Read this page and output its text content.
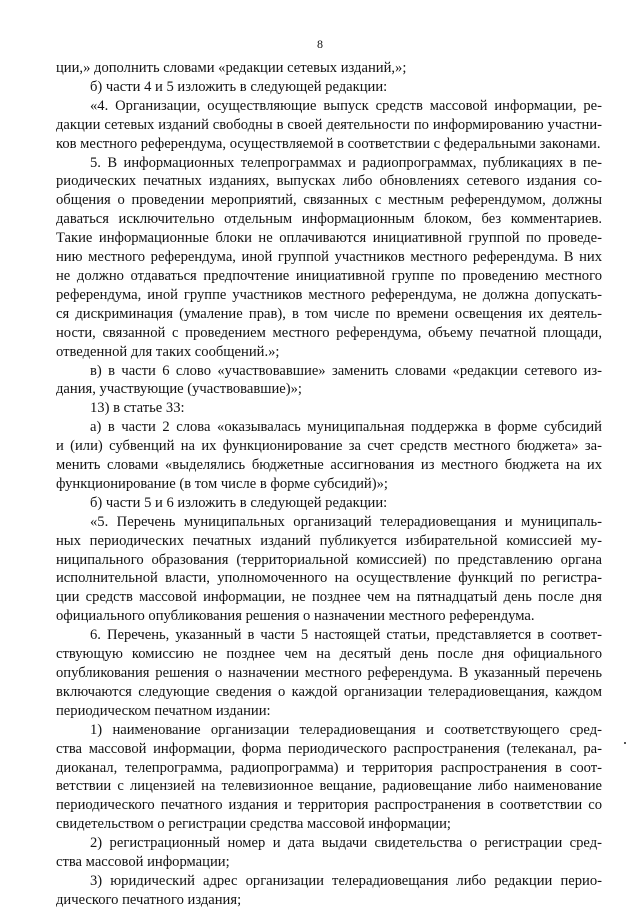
8
ции,» дополнить словами «редакции сетевых изданий,»;
б) части 4 и 5 изложить в следующей редакции:
«4. Организации, осуществляющие выпуск средств массовой информации, ре-
дакции сетевых изданий свободны в своей деятельности по информированию участни-
ков местного референдума, осуществляемой в соответствии с федеральными законами.
5. В информационных телепрограммах и радиопрограммах, публикациях в пе-
риодических печатных изданиях, выпусках либо обновлениях сетевого издания со-
общения о проведении мероприятий, связанных с местным референдумом, должны
даваться исключительно отдельным информационным блоком, без комментариев.
Такие информационные блоки не оплачиваются инициативной группой по проведе-
нию местного референдума, иной группой участников местного референдума. В них
не должно отдаваться предпочтение инициативной группе по проведению местного
референдума, иной группе участников местного референдума, не должна допускать-
ся дискриминация (умаление прав), в том числе по времени освещения их деятель-
ности, связанной с проведением местного референдума, объему печатной площади,
отведенной для таких сообщений.»;
в) в части 6 слово «участвовавшие» заменить словами «редакции сетевого из-
дания, участвующие (участвовавшие)»;
13) в статье 33:
а) в части 2 слова «оказывалась муниципальная поддержка в форме субсидий
и (или) субвенций на их функционирование за счет средств местного бюджета» за-
менить словами «выделялись бюджетные ассигнования из местного бюджета на их
функционирование (в том числе в форме субсидий)»;
б) части 5 и 6 изложить в следующей редакции:
«5. Перечень муниципальных организаций телерадиовещания и муниципаль-
ных периодических печатных изданий публикуется избирательной комиссией му-
ниципального образования (территориальной комиссией) по представлению органа
исполнительной власти, уполномоченного на осуществление функций по регистра-
ции средств массовой информации, не позднее чем на пятнадцатый день после дня
официального опубликования решения о назначении местного референдума.
6. Перечень, указанный в части 5 настоящей статьи, представляется в соответ-
ствующую комиссию не позднее чем на десятый день после дня официального
опубликования решения о назначении местного референдума. В указанный перечень
включаются следующие сведения о каждой организации телерадиовещания, каждом
периодическом печатном издании:
1) наименование организации телерадиовещания и соответствующего сред-
ства массовой информации, форма периодического распространения (телеканал, ра-
диоканал, телепрограмма, радиопрограмма) и территория распространения в соот-
ветствии с лицензией на телевизионное вещание, радиовещание либо наименование
периодического печатного издания и территория распространения в соответствии со
свидетельством о регистрации средства массовой информации;
2) регистрационный номер и дата выдачи свидетельства о регистрации сред-
ства массовой информации;
3) юридический адрес организации телерадиовещания либо редакции перио-
дического печатного издания;
